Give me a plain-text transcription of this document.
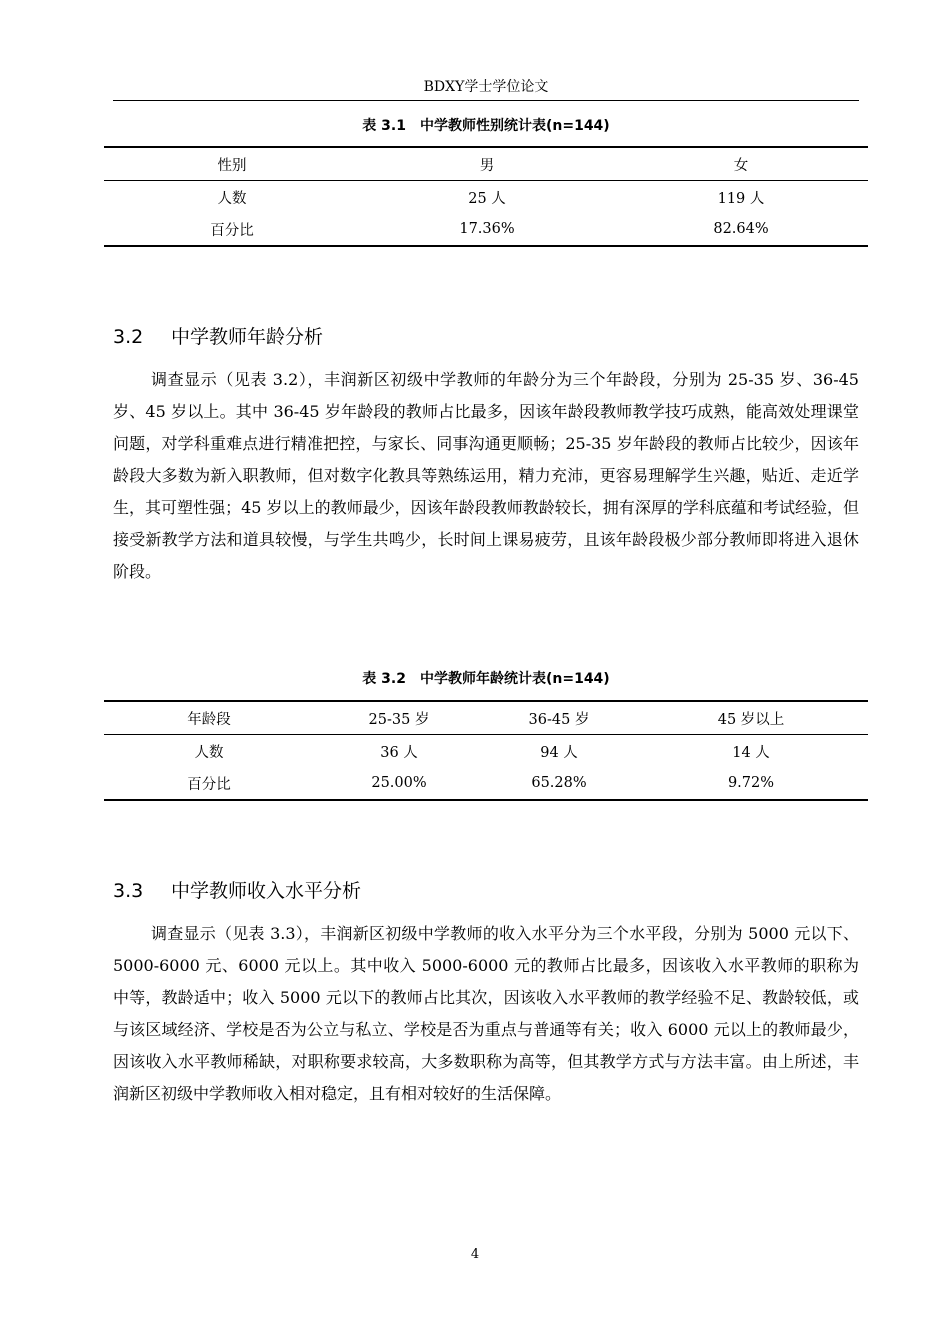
BDXY学士学位论文
表 3.1 中学教师性别统计表(n=144)
性别	男	女
人数	25 人	119 人
百分比	17.36%	82.64%
3.2 中学教师年龄分析

调查显示（见表 3.2），丰润新区初级中学教师的年龄分为三个年龄段，分别为 25-35 岁、36-45 岁、45 岁以上。其中 36-45 岁年龄段的教师占比最多，因该年龄段教师教学技巧成熟，能高效处理课堂问题，对学科重难点进行精准把控，与家长、同事沟通更顺畅；25-35 岁年龄段的教师占比较少，因该年龄段大多数为新入职教师，但对数字化教具等熟练运用，精力充沛，更容易理解学生兴趣，贴近、走近学生，其可塑性强；45 岁以上的教师最少，因该年龄段教师教龄较长，拥有深厚的学科底蕴和考试经验，但接受新教学方法和道具较慢，与学生共鸣少，长时间上课易疲劳，且该年龄段极少部分教师即将进入退休阶段。

表 3.2 中学教师年龄统计表(n=144)
年龄段	25-35 岁	36-45 岁	45 岁以上
人数	36 人	94 人	14 人
百分比	25.00%	65.28%	9.72%
3.3 中学教师收入水平分析

调查显示（见表 3.3），丰润新区初级中学教师的收入水平分为三个水平段，分别为 5000 元以下、5000-6000 元、6000 元以上。其中收入 5000-6000 元的教师占比最多，因该收入水平教师的职称为中等，教龄适中；收入 5000 元以下的教师占比其次，因该收入水平教师的教学经验不足、教龄较低，或与该区域经济、学校是否为公立与私立、学校是否为重点与普通等有关；收入 6000 元以上的教师最少，因该收入水平教师稀缺，对职称要求较高，大多数职称为高等，但其教学方式与方法丰富。由上所述，丰润新区初级中学教师收入相对稳定，且有相对较好的生活保障。

4
